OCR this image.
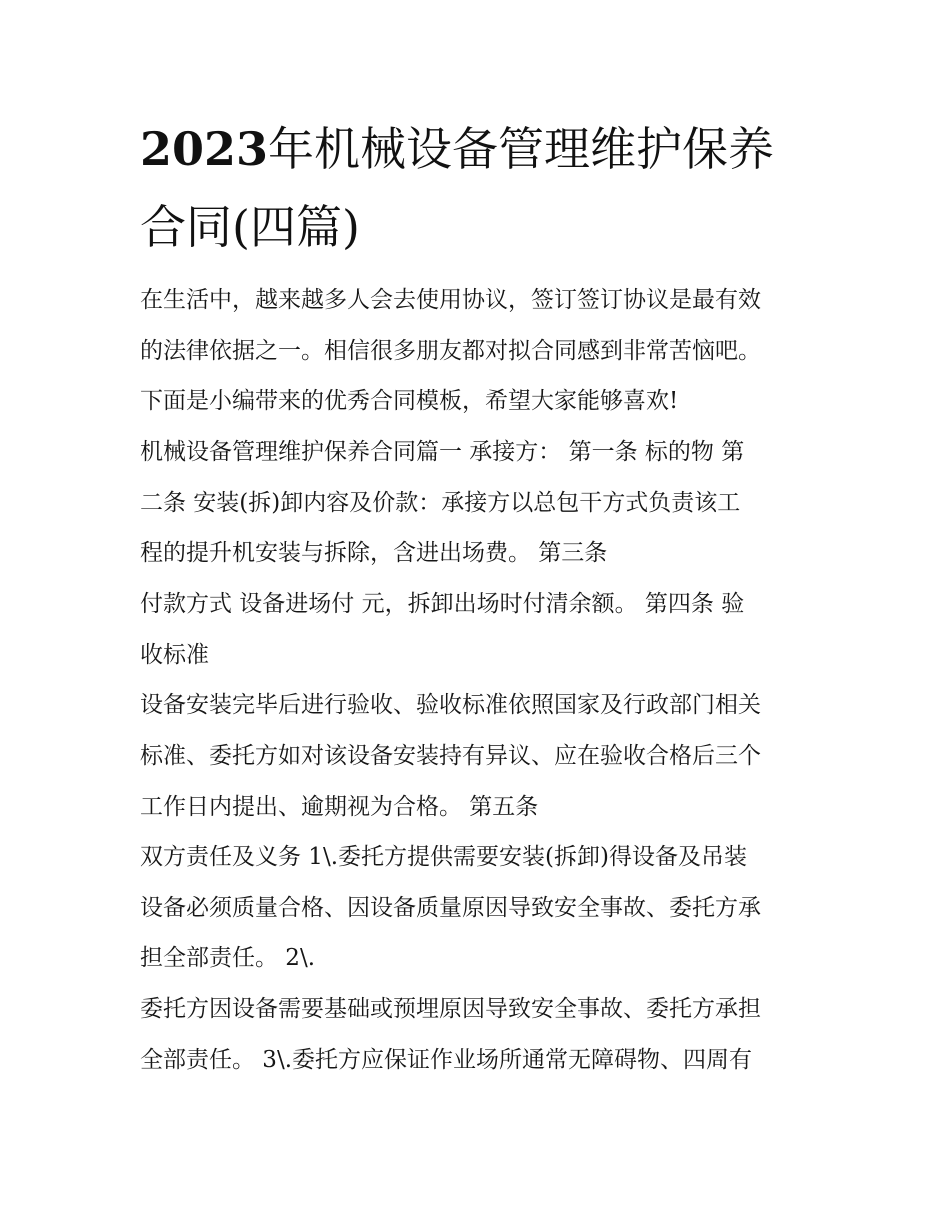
2023年机械设备管理维护保养
合同(四篇)
在生活中，越来越多人会去使用协议，签订签订协议是最有效
的法律依据之一。相信很多朋友都对拟合同感到非常苦恼吧。
下面是小编带来的优秀合同模板，希望大家能够喜欢!
机械设备管理维护保养合同篇一 承接方： 第一条 标的物 第
二条 安装(拆)卸内容及价款：承接方以总包干方式负责该工
程的提升机安装与拆除，含进出场费。 第三条
付款方式 设备进场付 元，拆卸出场时付清余额。 第四条 验
收标准
设备安装完毕后进行验收、验收标准依照国家及行政部门相关
标准、委托方如对该设备安装持有异议、应在验收合格后三个
工作日内提出、逾期视为合格。 第五条
双方责任及义务 1\.委托方提供需要安装(拆卸)得设备及吊装
设备必须质量合格、因设备质量原因导致安全事故、委托方承
担全部责任。 2\.
委托方因设备需要基础或预埋原因导致安全事故、委托方承担
全部责任。 3\.委托方应保证作业场所通常无障碍物、四周有
